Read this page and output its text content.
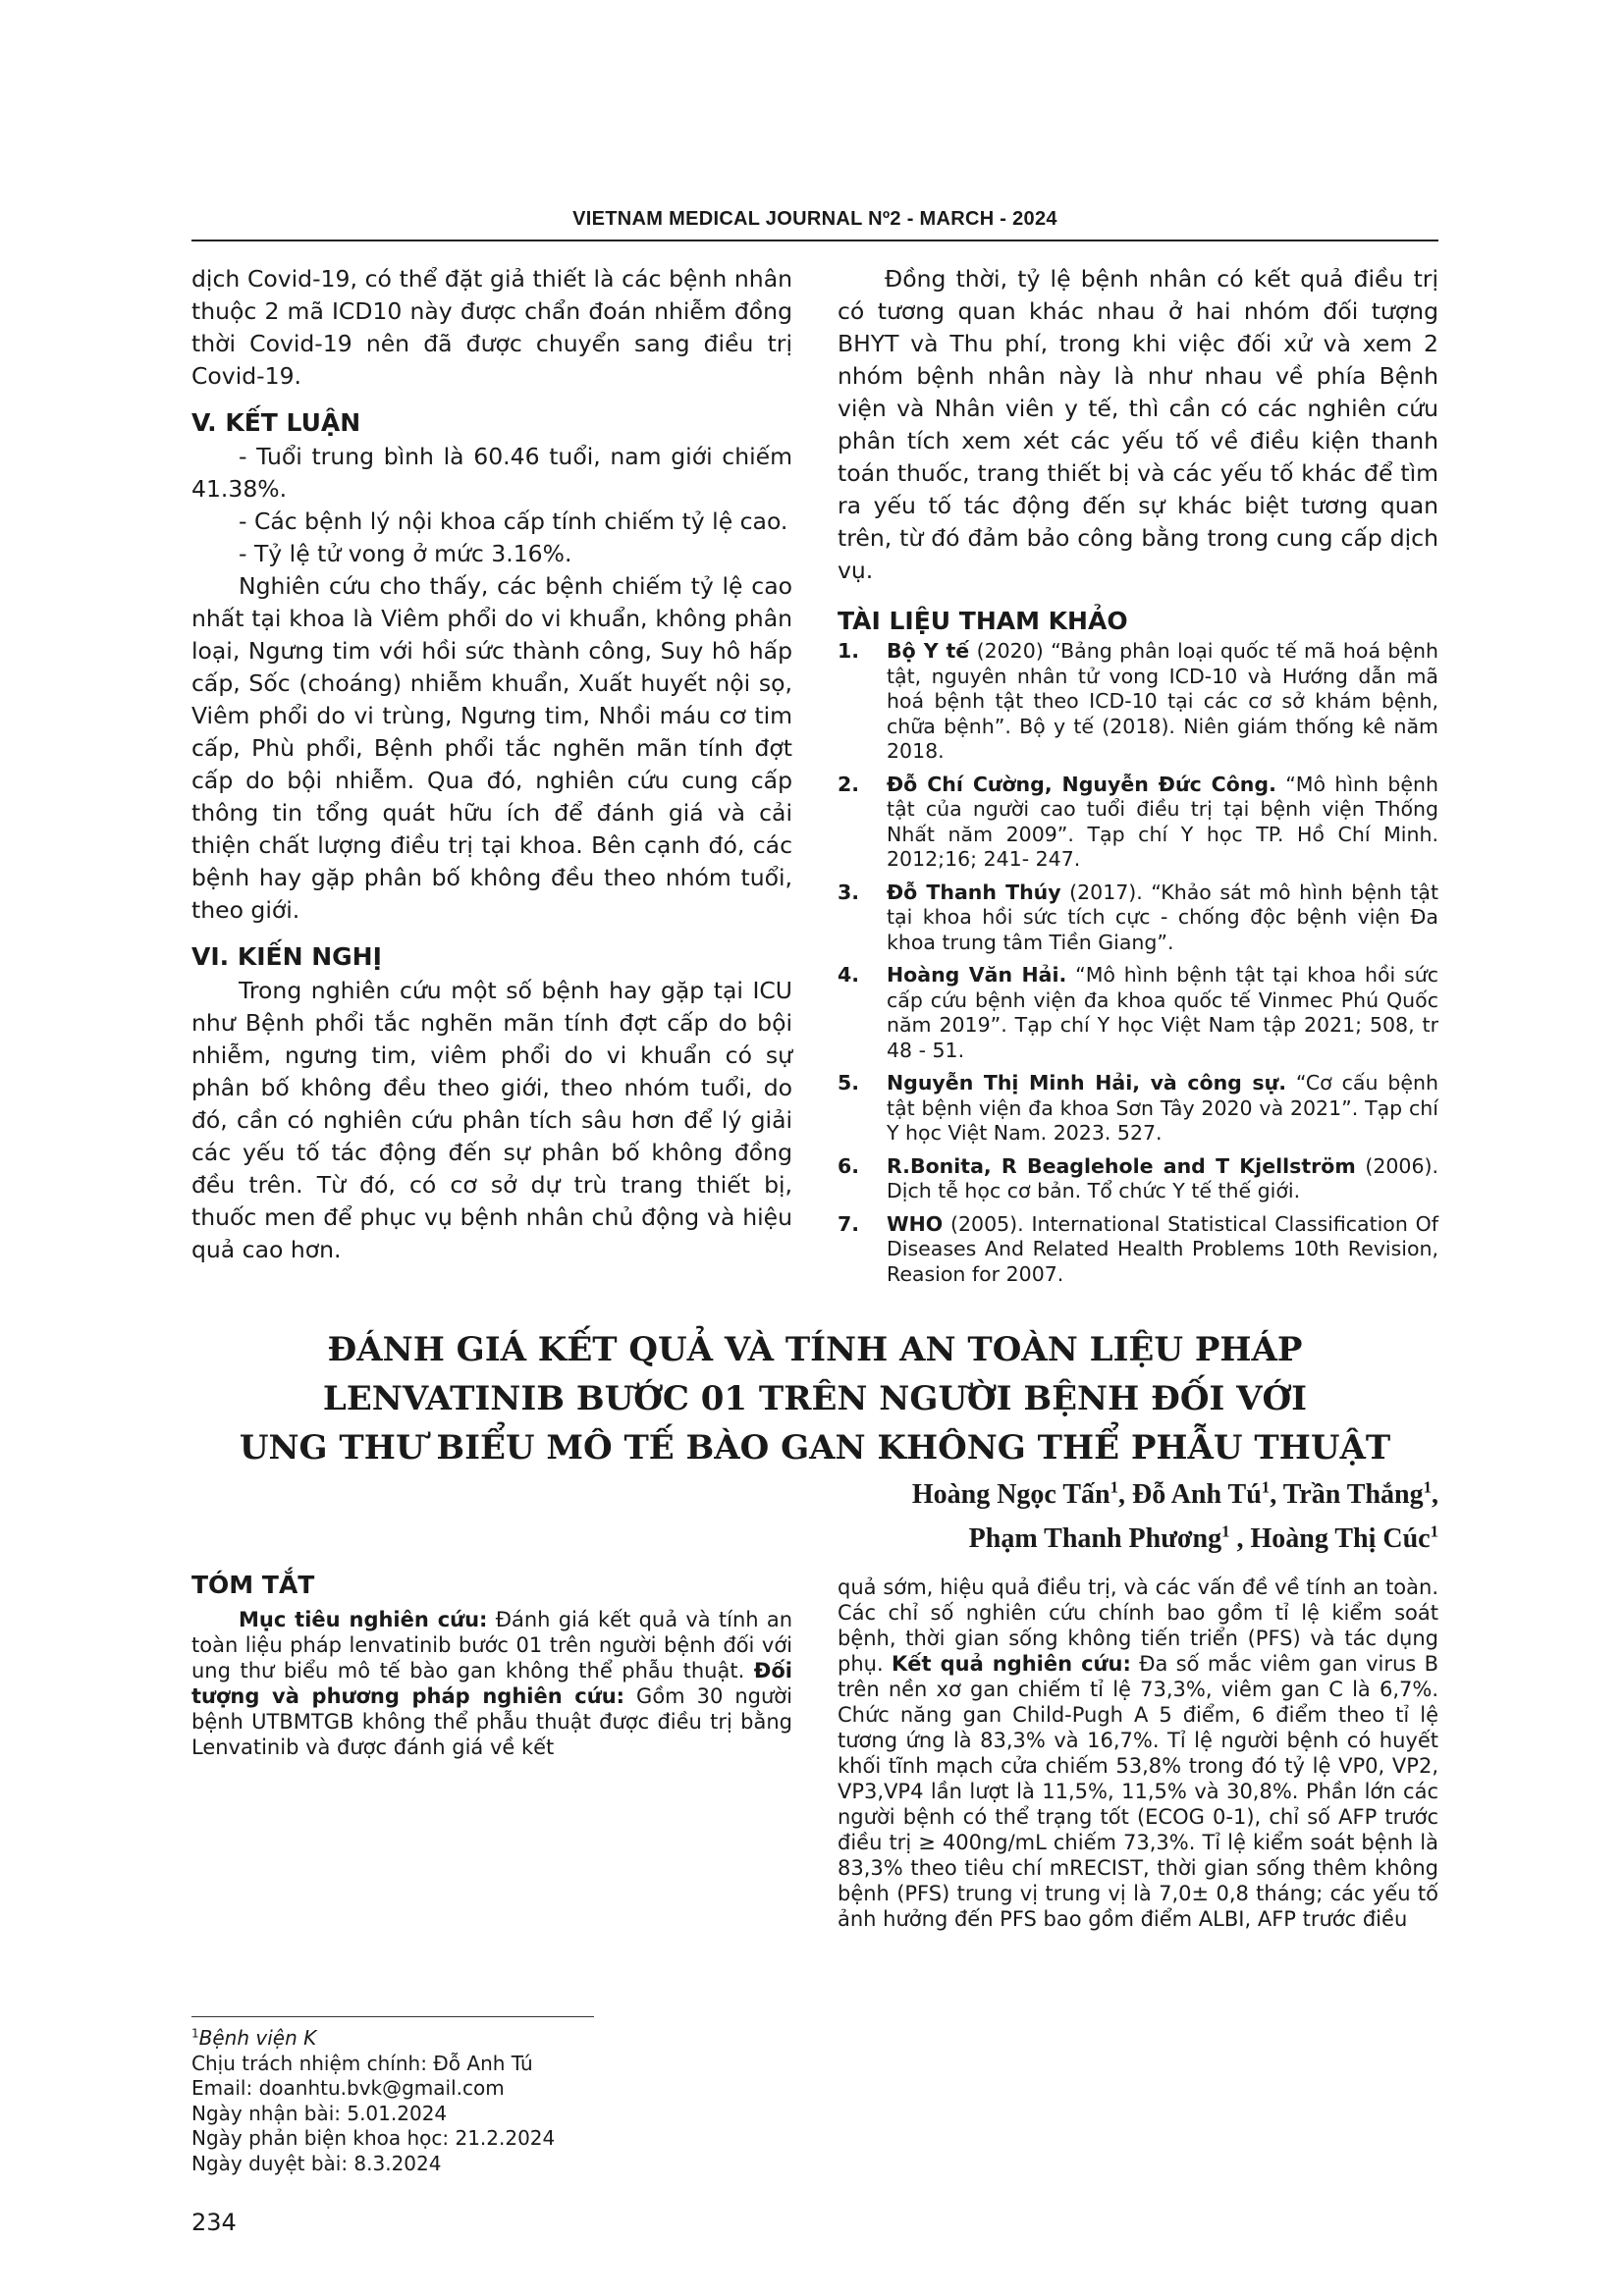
VIETNAM MEDICAL JOURNAL Nº2 - MARCH - 2024

dịch Covid-19, có thể đặt giả thiết là các bệnh nhân thuộc 2 mã ICD10 này được chẩn đoán nhiễm đồng thời Covid-19 nên đã được chuyển sang điều trị Covid-19.

V. KẾT LUẬN

- Tuổi trung bình là 60.46 tuổi, nam giới chiếm 41.38%.

- Các bệnh lý nội khoa cấp tính chiếm tỷ lệ cao.

- Tỷ lệ tử vong ở mức 3.16%.

Nghiên cứu cho thấy, các bệnh chiếm tỷ lệ cao nhất tại khoa là Viêm phổi do vi khuẩn, không phân loại, Ngưng tim với hồi sức thành công, Suy hô hấp cấp, Sốc (choáng) nhiễm khuẩn, Xuất huyết nội sọ, Viêm phổi do vi trùng, Ngưng tim, Nhồi máu cơ tim cấp, Phù phổi, Bệnh phổi tắc nghẽn mãn tính đợt cấp do bội nhiễm. Qua đó, nghiên cứu cung cấp thông tin tổng quát hữu ích để đánh giá và cải thiện chất lượng điều trị tại khoa. Bên cạnh đó, các bệnh hay gặp phân bố không đều theo nhóm tuổi, theo giới.

VI. KIẾN NGHỊ

Trong nghiên cứu một số bệnh hay gặp tại ICU như Bệnh phổi tắc nghẽn mãn tính đợt cấp do bội nhiễm, ngưng tim, viêm phổi do vi khuẩn có sự phân bố không đều theo giới, theo nhóm tuổi, do đó, cần có nghiên cứu phân tích sâu hơn để lý giải các yếu tố tác động đến sự phân bố không đồng đều trên. Từ đó, có cơ sở dự trù trang thiết bị, thuốc men để phục vụ bệnh nhân chủ động và hiệu quả cao hơn.

Đồng thời, tỷ lệ bệnh nhân có kết quả điều trị có tương quan khác nhau ở hai nhóm đối tượng BHYT và Thu phí, trong khi việc đối xử và xem 2 nhóm bệnh nhân này là như nhau về phía Bệnh viện và Nhân viên y tế, thì cần có các nghiên cứu phân tích xem xét các yếu tố về điều kiện thanh toán thuốc, trang thiết bị và các yếu tố khác để tìm ra yếu tố tác động đến sự khác biệt tương quan trên, từ đó đảm bảo công bằng trong cung cấp dịch vụ.

TÀI LIỆU THAM KHẢO
1. Bộ Y tế (2020) “Bảng phân loại quốc tế mã hoá bệnh tật, nguyên nhân tử vong ICD-10 và Hướng dẫn mã hoá bệnh tật theo ICD-10 tại các cơ sở khám bệnh, chữa bệnh”. Bộ y tế (2018). Niên giám thống kê năm 2018.
2. Đỗ Chí Cường, Nguyễn Đức Công. “Mô hình bệnh tật của người cao tuổi điều trị tại bệnh viện Thống Nhất năm 2009”. Tạp chí Y học TP. Hồ Chí Minh. 2012;16; 241- 247.
3. Đỗ Thanh Thúy (2017). “Khảo sát mô hình bệnh tật tại khoa hồi sức tích cực - chống độc bệnh viện Đa khoa trung tâm Tiền Giang”.
4. Hoàng Văn Hải. “Mô hình bệnh tật tại khoa hồi sức cấp cứu bệnh viện đa khoa quốc tế Vinmec Phú Quốc năm 2019”. Tạp chí Y học Việt Nam tập 2021; 508, tr 48 - 51.
5. Nguyễn Thị Minh Hải, và công sự. “Cơ cấu bệnh tật bệnh viện đa khoa Sơn Tây 2020 và 2021”. Tạp chí Y học Việt Nam. 2023. 527.
6. R.Bonita, R Beaglehole and T Kjellström (2006). Dịch tễ học cơ bản. Tổ chức Y tế thế giới.
7. WHO (2005). International Statistical Classification Of Diseases And Related Health Problems 10th Revision, Reasion for 2007.
ĐÁNH GIÁ KẾT QUẢ VÀ TÍNH AN TOÀN LIỆU PHÁP
LENVATINIB BƯỚC 01 TRÊN NGƯỜI BỆNH ĐỐI VỚI
UNG THƯ BIỂU MÔ TẾ BÀO GAN KHÔNG THỂ PHẪU THUẬT
Hoàng Ngọc Tấn$^1$, Đỗ Anh $Tú^1$, Trần Thắng$^1$,
Phạm Thanh Phương$^1$ , Hoàng Thị Cúc$^1$
TÓM TẮT

Mục tiêu nghiên cứu: Đánh giá kết quả và tính an toàn liệu pháp lenvatinib bước 01 trên người bệnh đối với ung thư biểu mô tế bào gan không thể phẫu thuật. Đối tượng và phương pháp nghiên cứu: Gồm 30 người bệnh UTBMTGB không thể phẫu thuật được điều trị bằng Lenvatinib và được đánh giá về kết

quả sớm, hiệu quả điều trị, và các vấn đề về tính an toàn. Các chỉ số nghiên cứu chính bao gồm tỉ lệ kiểm soát bệnh, thời gian sống không tiến triển (PFS) và tác dụng phụ. Kết quả nghiên cứu: Đa số mắc viêm gan virus B trên nền xơ gan chiếm tỉ lệ 73,3%, viêm gan C là 6,7%. Chức năng gan Child-Pugh A 5 điểm, 6 điểm theo tỉ lệ tương ứng là 83,3% và 16,7%. Tỉ lệ người bệnh có huyết khối tĩnh mạch cửa chiếm 53,8% trong đó tỷ lệ VP0, VP2, VP3,VP4 lần lượt là 11,5%, 11,5% và 30,8%. Phần lớn các người bệnh có thể trạng tốt (ECOG 0-1), chỉ số AFP trước điều trị ≥ 400ng/mL chiếm 73,3%. Tỉ lệ kiểm soát bệnh là 83,3% theo tiêu chí mRECIST, thời gian sống thêm không bệnh (PFS) trung vị trung vị là 7,0± 0,8 tháng; các yếu tố ảnh hưởng đến PFS bao gồm điểm ALBI, AFP trước điều

$^1$Bệnh viện K
Chịu trách nhiệm chính: Đỗ Anh Tú
Email: doanhtu.bvk@gmail.com
Ngày nhận bài: 5.01.2024
Ngày phản biện khoa học: 21.2.2024
Ngày duyệt bài: 8.3.2024
234
